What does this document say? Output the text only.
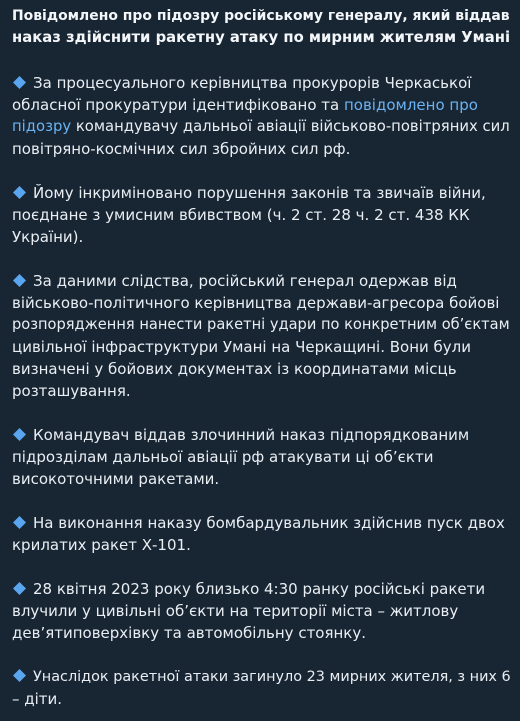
Повідомлено про підозру російському генералу, який віддав
наказ здійснити ракетну атаку по мирним жителям Умані

За процесуального керівництва прокурорів Черкаської
обласної прокуратури ідентифіковано та повідомлено про
підозру командувачу дальньої авіації військово-повітряних сил
повітряно-космічних сил збройних сил рф.

Йому інкриміновано порушення законів та звичаїв війни,
поєднане з умисним вбивством (ч. 2 ст. 28 ч. 2 ст. 438 КК
України).

За даними слідства, російський генерал одержав від
військово-політичного керівництва держави-агресора бойові
розпорядження нанести ракетні удари по конкретним об’єктам
цивільної інфраструктури Умані на Черкащині. Вони були
визначені у бойових документах із координатами місць
розташування.

Командувач віддав злочинний наказ підпорядкованим
підрозділам дальньої авіації рф атакувати ці об’єкти
високоточними ракетами.

На виконання наказу бомбардувальник здійснив пуск двох
крилатих ракет Х-101.

28 квітня 2023 року близько 4:30 ранку російські ракети
влучили у цивільні об’єкти на території міста – житлову
дев’ятиповерхівку та автомобільну стоянку.

Унаслідок ракетної атаки загинуло 23 мирних жителя, з них 6
– діти.
